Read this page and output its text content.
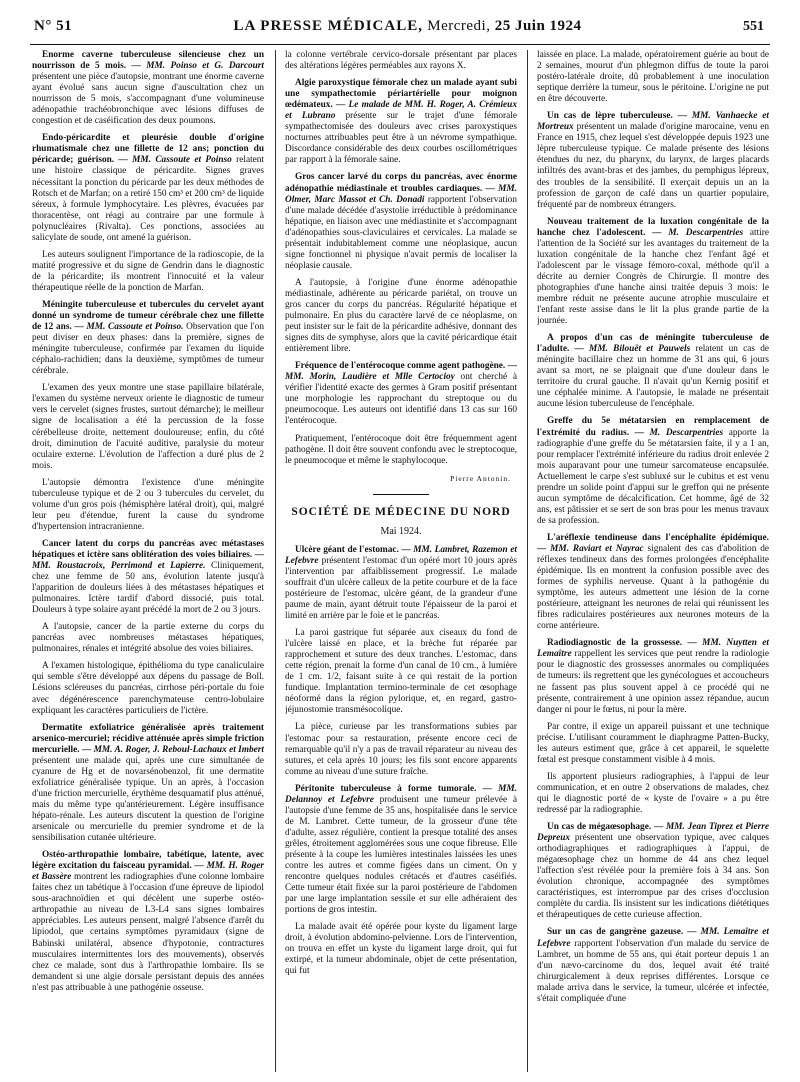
N° 51	LA PRESSE MÉDICALE, Mercredi, 25 Juin 1924	551

Énorme caverne tuberculeuse silencieuse chez un nourrisson de 5 mois. — MM. Poinso et G. Darcourt présentent une pièce d'autopsie, montrant une énorme caverne ayant évolué sans aucun signe d'auscultation chez un nourrisson de 5 mois, s'accompagnant d'une volumineuse adénopathie trachéobronchique avec lésions diffuses de congestion et de caséification des deux poumons.

Endo-péricardite et pleurésie double d'origine rhumatismale chez une fillette de 12 ans; ponction du péricarde; guérison. — MM. Cassoute et Poinso relatent une histoire classique de péricardite. Signes graves nécessitant la ponction du péricarde par les deux méthodes de Rotsch et de Marfan; on a retiré 150 cm³ et 200 cm³ de liquide séreux, à formule lymphocytaire. Les plèvres, évacuées par thoracentèse, ont réagi au contraire par une formule à polynucléaires (Rivalta). Ces ponctions, associées au salicylate de soude, ont amené la guérison.

Les auteurs soulignent l'importance de la radioscopie, de la matité progressive et du signe de Gendrin dans le diagnostic de la péricardite; ils montrent l'innocuité et la valeur thérapeutique réelle de la ponction de Marfan.

Méningite tuberculeuse et tubercules du cervelet ayant donné un syndrome de tumeur cérébrale chez une fillette de 12 ans. — MM. Cassoute et Poinso. Observation que l'on peut diviser en deux phases: dans la première, signes de méningite tuberculeuse, confirmée par l'examen du liquide céphalo-rachidien; dans la deuxième, symptômes de tumeur cérébrale.

L'examen des yeux montre une stase papillaire bilatérale, l'examen du système nerveux oriente le diagnostic de tumeur vers le cervelet (signes frustes, surtout démarche); le meilleur signe de localisation a été la percussion de la fosse cérébelleuse droite, nettement douloureuse; enfin, du côté droit, diminution de l'acuité auditive, paralysie du moteur oculaire externe. L'évolution de l'affection a duré plus de 2 mois.

L'autopsie démontra l'existence d'une méningite tuberculeuse typique et de 2 ou 3 tubercules du cervelet, du volume d'un gros pois (hémisphère latéral droit), qui, malgré leur peu d'étendue, furent la cause du syndrome d'hypertension intracranienne.

Cancer latent du corps du pancréas avec métastases hépatiques et ictère sans oblitération des voies biliaires. — MM. Roustacroix, Perrimond et Lapierre. Cliniquement, chez une femme de 50 ans, évolution latente jusqu'à l'apparition de douleurs liées à des métastases hépatiques et pulmonaires. Ictère tardif d'abord dissocié, puis total. Douleurs à type solaire ayant précédé la mort de 2 ou 3 jours.

A l'autopsie, cancer de la partie externe du corps du pancréas avec nombreuses métastases hépatiques, pulmonaires, rénales et intégrité absolue des voies biliaires.

A l'examen histologique, épithélioma du type canaliculaire qui semble s'être développé aux dépens du passage de Boll. Lésions scléreuses du pancréas, cirrhose péri-portale du foie avec dégénérescence parenchymateuse centro-lobulaire expliquant les caractères particuliers de l'ictère.

Dermatite exfoliatrice généralisée après traitement arsenico-mercuriel; récidive atténuée après simple friction mercurielle. — MM. A. Roger, J. Reboul-Lachaux et Imbert présentent une malade qui, après une cure simultanée de cyanure de Hg et de novarsénobenzol, fit une dermatite exfoliatrice généralisée typique. Un an après, à l'occasion d'une friction mercurielle, érythème desquamatif plus atténué, mais du même type qu'antérieurement. Légère insuffisance hépato-rénale. Les auteurs discutent la question de l'origine arsenicale ou mercurielle du premier syndrome et de la sensibilisation cutanée ultérieure.

Ostéo-arthropathie lombaire, tabétique, latente, avec légère excitation du faisceau pyramidal. — MM. H. Roger et Bassère montrent les radiographies d'une colonne lombaire faites chez un tabétique à l'occasion d'une épreuve de lipiodol sous-arachnoïdien et qui décèlent une superbe ostéo-arthropathie au niveau de L3-L4 sans signes lombaires appréciables. Les auteurs pensent, malgré l'absence d'arrêt du lipiodol, que certains symptômes pyramidaux (signe de Babinski unilatéral, absence d'hypotonie, contractures musculaires intermittentes lors des mouvements), observés chez ce malade, sont dus à l'arthropathie lombaire. Ils se demandent si une algie dorsale persistant depuis des années n'est pas attribuable à une pathogénie osseuse.

la colonne vertébrale cervico-dorsale présentant par places des altérations légères perméables aux rayons X.

Algie paroxystique fémorale chez un malade ayant subi une sympathectomie périartérielle pour moignon œdémateux. — Le malade de MM. H. Roger, A. Crémieux et Lubrano présente sur le trajet d'une fémorale sympathectomisée des douleurs avec crises paroxystiques nocturnes attribuables peut être à un névrome sympathique. Discordance considérable des deux courbes oscillométriques par rapport à la fémorale saine.

Gros cancer larvé du corps du pancréas, avec énorme adénopathie médiastinale et troubles cardiaques. — MM. Olmer, Marc Massot et Ch. Donadi rapportent l'observation d'une malade décédée d'asystolie irréductible à prédominance hépatique, en liaison avec une médiastinite et s'accompagnant d'adénopathies sous-claviculaires et cervicales. La malade se présentait indubitablement comme une néoplasique, aucun signe fonctionnel ni physique n'avait permis de localiser la néoplasie causale.

A l'autopsie, à l'origine d'une énorme adénopathie médiastinale, adhérente au péricarde pariétal, on trouve un gros cancer du corps du pancréas. Régularité hépatique et pulmonaire. En plus du caractère larvé de ce néoplasme, on peut insister sur le fait de la péricardite adhésive, donnant des signes dits de symphyse, alors que la cavité péricardique était entièrement libre.

Fréquence de l'entérocoque comme agent pathogène. — MM. Morin, Laudière et Mlle Certocioy ont cherché à vérifier l'identité exacte des germes à Gram positif présentant une morphologie les rapprochant du streptoque ou du pneumocoque. Les auteurs ont identifié dans 13 cas sur 160 l'entérocoque.

Pratiquement, l'entérocoque doit être fréquemment agent pathogène. Il doit être souvent confondu avec le streptocoque, le pneumocoque et même le staphylocoque.

Pierre Antonin.
SOCIÉTÉ DE MÉDECINE DU NORD
Mai 1924.

Ulcère géant de l'estomac. — MM. Lambret, Razemon et Lefebvre présentent l'estomac d'un opéré mort 10 jours après l'intervention par affaiblissement progressif. Le malade souffrait d'un ulcère calleux de la petite courbure et de la face postérieure de l'estomac, ulcère géant, de la grandeur d'une paume de main, ayant détruit toute l'épaisseur de la paroi et limité en arrière par le foie et le pancréas.

La paroi gastrique fut séparée aux ciseaux du fond de l'ulcère laissé en place, et la brèche fut réparée par rapprochement et suture des deux tranches. L'estomac, dans cette région, prenait la forme d'un canal de 10 cm., à lumière de 1 cm. 1/2, faisant suite à ce qui restait de la portion fundique. Implantation termino-terminale de cet œsophage néoformé dans la région pylorique, et, en regard, gastro-jéjunostomie transmésocolique.

La pièce, curieuse par les transformations subies par l'estomac pour sa restauration, présente encore ceci de remarquable qu'il n'y a pas de travail réparateur au niveau des sutures, et cela après 10 jours; les fils sont encore apparents comme au niveau d'une suture fraîche.

Péritonite tuberculeuse à forme tumorale. — MM. Delannoy et Lefebvre produisent une tumeur prélevée à l'autopsie d'une femme de 35 ans, hospitalisée dans le service de M. Lambret. Cette tumeur, de la grosseur d'une tête d'adulte, assez régulière, contient la presque totalité des anses grêles, étroitement agglomérées sous une coque fibreuse. Elle présente à la coupe les lumières intestinales laissées les unes contre les autres et comme figées dans un ciment. On y rencontre quelques nodules crétacés et d'autres caséifiés. Cette tumeur était fixée sur la paroi postérieure de l'abdomen par une large implantation sessile et sur elle adhéraient des portions de gros intestin.

La malade avait été opérée pour kyste du ligament large droit, à évolution abdomino-pelvienne. Lors de l'intervention, on trouva en effet un kyste du ligament large droit, qui fut extirpé, et la tumeur abdominale, objet de cette présentation, qui fut

laissée en place. La malade, opératoirement guérie au bout de 2 semaines, mourut d'un phlegmon diffus de toute la paroi postéro-latérale droite, dû probablement à une inoculation septique derrière la tumeur, sous le péritoine. L'origine ne put en être découverte.

Un cas de lèpre tuberculeuse. — MM. Vanhaecke et Mortreux présentent un malade d'origine marocaine, venu en France en 1915, chez lequel s'est développée depuis 1923 une lèpre tuberculeuse typique. Ce malade présente des lésions étendues du nez, du pharynx, du larynx, de larges placards infiltrés des avant-bras et des jambes, du pemphigus lépreux, des troubles de la sensibilité. Il exerçait depuis un an la profession de garçon de café dans un quartier populaire, fréquenté par de nombreux étrangers.

Nouveau traitement de la luxation congénitale de la hanche chez l'adolescent. — M. Descarpentries attire l'attention de la Société sur les avantages du traitement de la luxation congénitale de la hanche chez l'enfant âgé et l'adolescent par le vissage fémoro-coxal, méthode qu'il a décrite au dernier Congrès de Chirurgie. Il montre des photographies d'une hanche ainsi traitée depuis 3 mois: le membre réduit ne présente aucune atrophie musculaire et l'enfant reste assise dans le lit la plus grande partie de la journée.

A propos d'un cas de méningite tuberculeuse de l'adulte. — MM. Bilouët et Pauwels relatent un cas de méningite bacillaire chez un homme de 31 ans qui, 6 jours avant sa mort, ne se plaignait que d'une douleur dans le territoire du crural gauche. Il n'avait qu'un Kernig positif et une céphalée minime. A l'autopsie, le malade ne présentait aucune lésion tuberculeuse de l'encéphale.

Greffe du 5e métatarsien en remplacement de l'extrémité du radius. — M. Descarpentries apporte la radiographie d'une greffe du 5e métatarsien faite, il y a 1 an, pour remplacer l'extrémité inférieure du radius droit enlevée 2 mois auparavant pour une tumeur sarcomateuse encapsulée. Actuellement le carpe s'est subluxé sur le cubitus et est venu prendre un solide point d'appui sur le greffon qui ne présente aucun symptôme de décalcification. Cet homme, âgé de 32 ans, est pâtissier et se sert de son bras pour les menus travaux de sa profession.

L'aréflexie tendineuse dans l'encéphalite épidémique. — MM. Raviart et Nayrac signalent des cas d'abolition de réflexes tendineux dans des formes prolongées d'encéphalite épidémique. Ils en montrent la confusion possible avec des formes de syphilis nerveuse. Quant à la pathogénie du symptôme, les auteurs admettent une lésion de la corne postérieure, atteignant les neurones de relai qui réunissent les fibres radiculaires postérieures aux neurones moteurs de la corne antérieure.

Radiodiagnostic de la grossesse. — MM. Nuytten et Lemaître rappellent les services que peut rendre la radiologie pour le diagnostic des grossesses anormales ou compliquées de tumeurs: ils regrettent que les gynécologues et accoucheurs ne fassent pas plus souvent appel à ce procédé qui ne présente, contrairement à une opinion assez répandue, aucun danger ni pour le fœtus, ni pour la mère.

Par contre, il exige un appareil puissant et une technique précise. L'utilisant couramment le diaphragme Patten-Bucky, les auteurs estiment que, grâce à cet appareil, le squelette fœtal est presque constamment visible à 4 mois.

Ils apportent plusieurs radiographies, à l'appui de leur communication, et en outre 2 observations de malades, chez qui le diagnostic porté de « kyste de l'ovaire » a pu être redressé par la radiographie.

Un cas de mégaœsophage. — MM. Jean Tiprez et Pierre Depreux présentent une observation typique, avec calques orthodiagraphiques et radiographiques à l'appui, de mégaœsophage chez un homme de 44 ans chez lequel l'affection s'est révélée pour la première fois à 34 ans. Son évolution chronique, accompagnée des symptômes caractéristiques, est interrompue par des crises d'occlusion complète du cardia. Ils insistent sur les indications diététiques et thérapeutiques de cette curieuse affection.

Sur un cas de gangrène gazeuse. — MM. Lemaître et Lefebvre rapportent l'observation d'un malade du service de Lambret, un homme de 55 ans, qui était porteur depuis 1 an d'un nævo-carcinome du dos, lequel avait été traité chirurgicalement à deux reprises différentes. Lorsque ce malade arriva dans le service, la tumeur, ulcérée et infectée, s'était compliquée d'une
